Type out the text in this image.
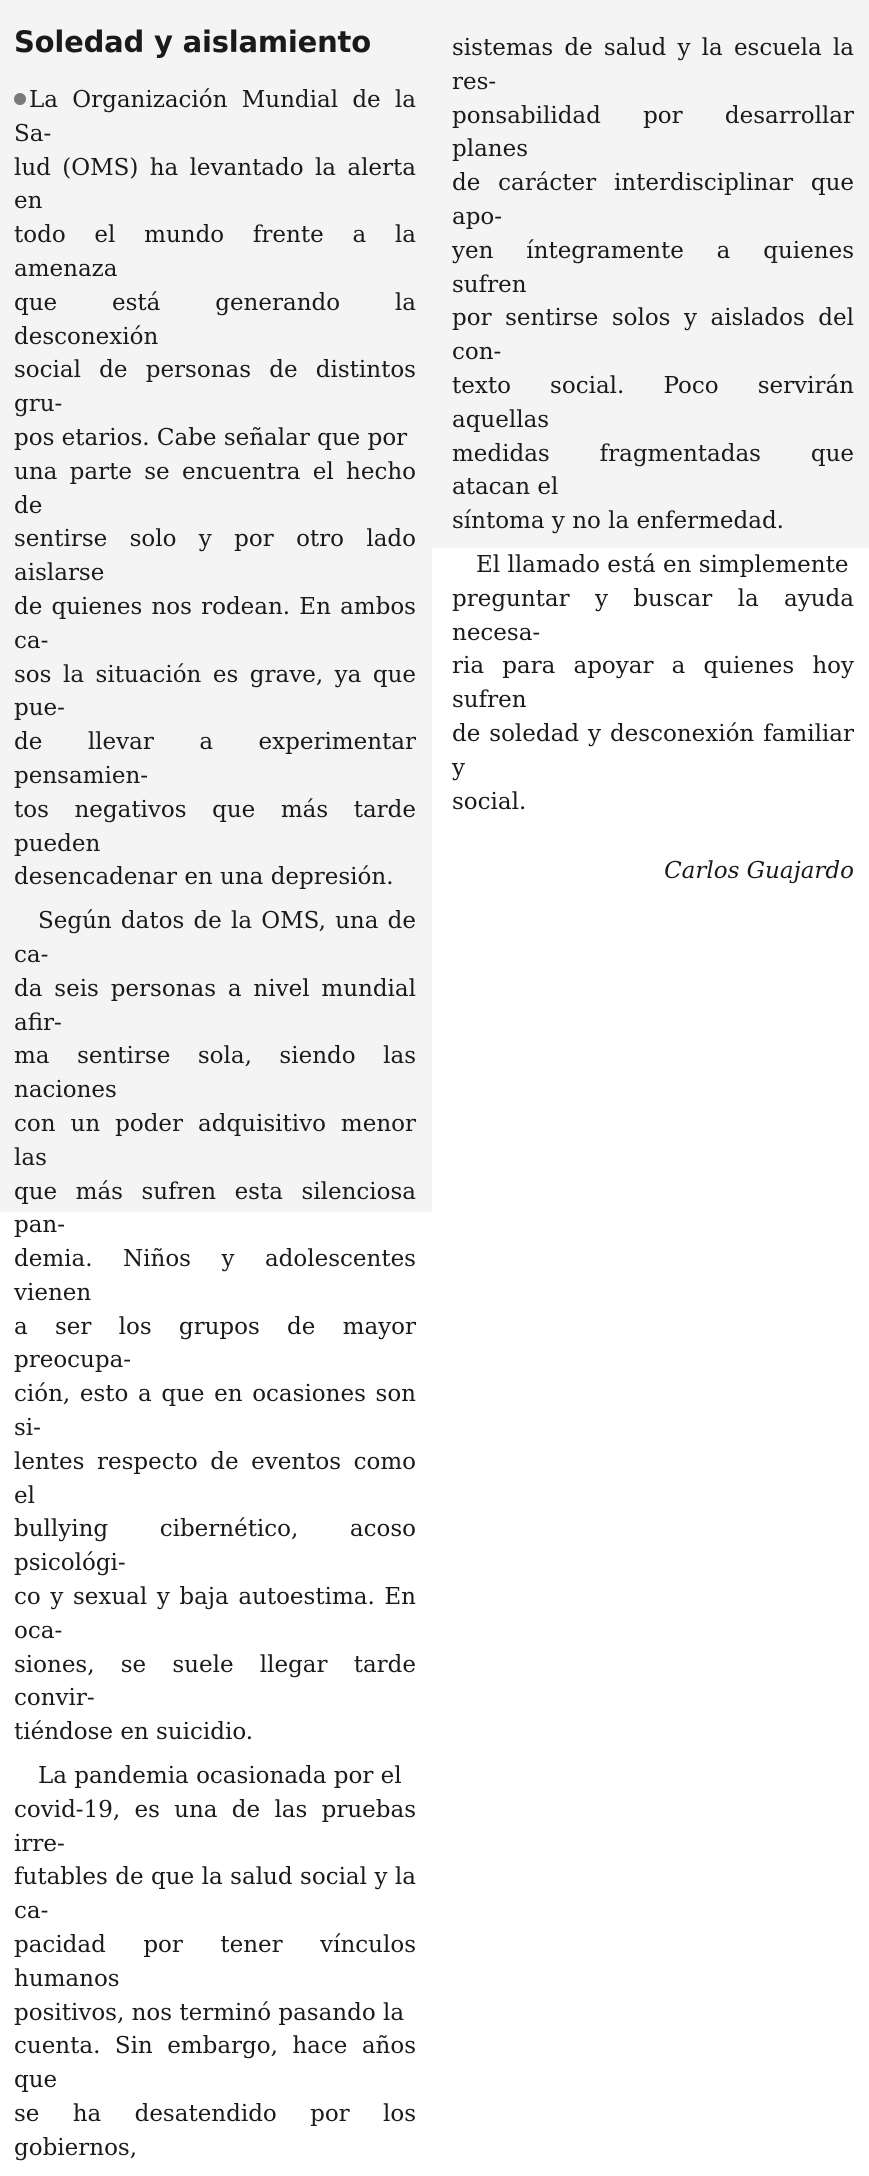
Soledad y aislamiento

La Organización Mundial de la Sa-
lud (OMS) ha levantado la alerta en
todo el mundo frente a la amenaza
que está generando la desconexión
social de personas de distintos gru-
pos etarios. Cabe señalar que por
una parte se encuentra el hecho de
sentirse solo y por otro lado aislarse
de quienes nos rodean. En ambos ca-
sos la situación es grave, ya que pue-
de llevar a experimentar pensamien-
tos negativos que más tarde pueden
desencadenar en una depresión.

Según datos de la OMS, una de ca-
da seis personas a nivel mundial afir-
ma sentirse sola, siendo las naciones
con un poder adquisitivo menor las
que más sufren esta silenciosa pan-
demia. Niños y adolescentes vienen
a ser los grupos de mayor preocupa-
ción, esto a que en ocasiones son si-
lentes respecto de eventos como el
bullying cibernético, acoso psicológi-
co y sexual y baja autoestima. En oca-
siones, se suele llegar tarde convir-
tiéndose en suicidio.

La pandemia ocasionada por el
covid-19, es una de las pruebas irre-
futables de que la salud social y la ca-
pacidad por tener vínculos humanos
positivos, nos terminó pasando la
cuenta. Sin embargo, hace años que
se ha desatendido por los gobiernos,

sistemas de salud y la escuela la res-
ponsabilidad por desarrollar planes
de carácter interdisciplinar que apo-
yen íntegramente a quienes sufren
por sentirse solos y aislados del con-
texto social. Poco servirán aquellas
medidas fragmentadas que atacan el
síntoma y no la enfermedad.

El llamado está en simplemente
preguntar y buscar la ayuda necesa-
ria para apoyar a quienes hoy sufren
de soledad y desconexión familiar y
social.

Carlos Guajardo
